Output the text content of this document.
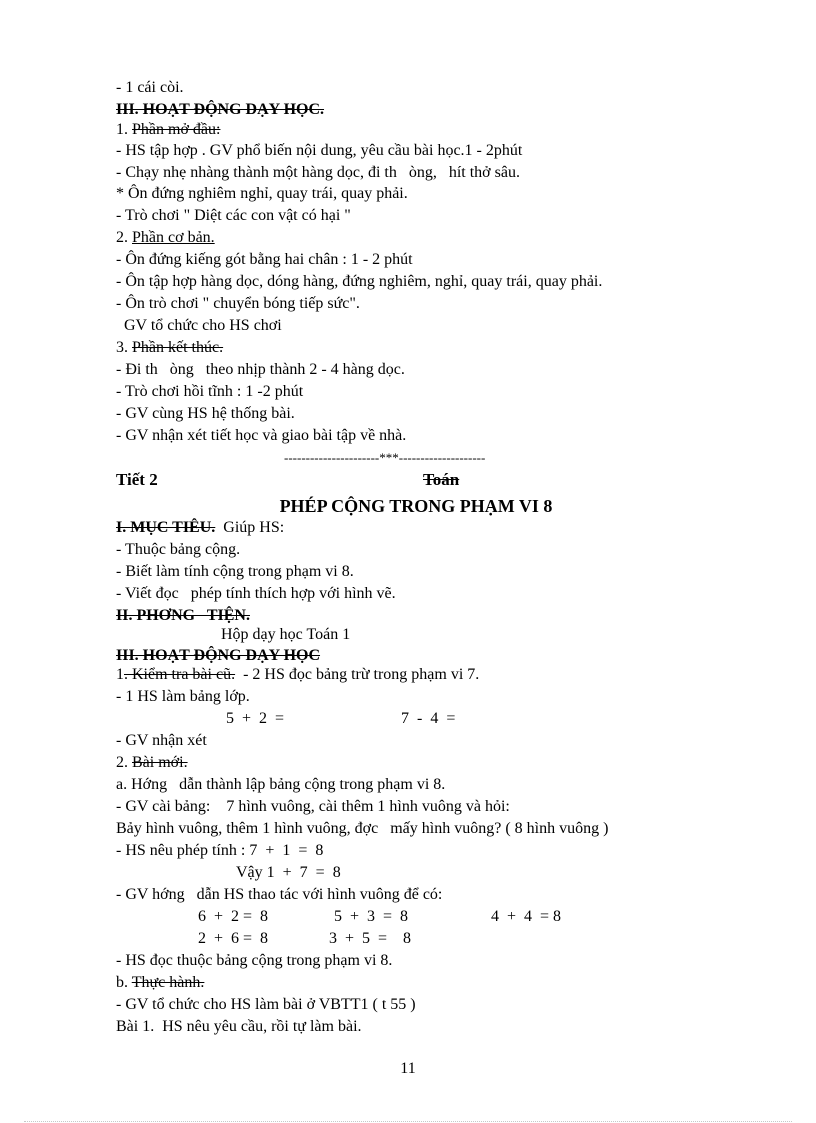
- 1 cái còi.
III. HOẠT ĐỘNG DẠY HỌC.
1. Phần mở đầu:
- HS tập hợp . GV phổ biến nội dung, yêu cầu bài học.1 - 2phút
- Chạy nhẹ nhàng thành một hàng dọc, đi th   òng,   hít thở sâu.
* Ôn đứng nghiêm nghỉ, quay trái, quay phải.
- Trò chơi " Diệt các con vật có hại "
2. Phần cơ bản.
- Ôn đứng kiếng gót bằng hai chân : 1 - 2 phút
- Ôn tập hợp hàng dọc, dóng hàng, đứng nghiêm, nghỉ, quay trái, quay phải.
- Ôn trò chơi " chuyển bóng tiếp sức".
GV tổ chức cho HS chơi
3. Phần kết thúc.
- Đi th   òng   theo nhịp thành 2 - 4 hàng dọc.
- Trò chơi hồi tĩnh : 1 -2 phút
- GV cùng HS hệ thống bài.
- GV nhận xét tiết học và giao bài tập về nhà.
----------------------***--------------------
Tiết 2	Toán
PHÉP CỘNG TRONG PHẠM VI 8
I. MỤC TIÊU.  Giúp HS:
- Thuộc bảng cộng.
- Biết làm tính cộng trong phạm vi 8.
- Viết đọc   phép tính thích hợp với hình vẽ.
II. PHƠNG   TIỆN.
Hộp dạy học Toán 1
III. HOẠT ĐỘNG DẠY HỌC
1. Kiểm tra bài cũ.  - 2 HS đọc bảng trừ trong phạm vi 7.
- 1 HS làm bảng lớp.
5  +  2  =	7  -  4  =
- GV nhận xét
2. Bài mới.
a. Hớng   dẫn thành lập bảng cộng trong phạm vi 8.
- GV cài bảng:    7 hình vuông, cài thêm 1 hình vuông và hỏi:
Bảy hình vuông, thêm 1 hình vuông, đợc   mấy hình vuông? ( 8 hình vuông )
- HS nêu phép tính : 7  +  1  =  8
Vậy 1  +  7  =  8
- GV hớng   dẫn HS thao tác với hình vuông để có:
6  +  2 =  8	5  +  3  =  8	4  +  4  = 8
2  +  6 =  8	3  +  5  =    8
- HS đọc thuộc bảng cộng trong phạm vi 8.
b. Thực hành.
- GV tổ chức cho HS làm bài ở VBTT1 ( t 55 )
Bài 1.  HS nêu yêu cầu, rồi tự làm bài.
11
